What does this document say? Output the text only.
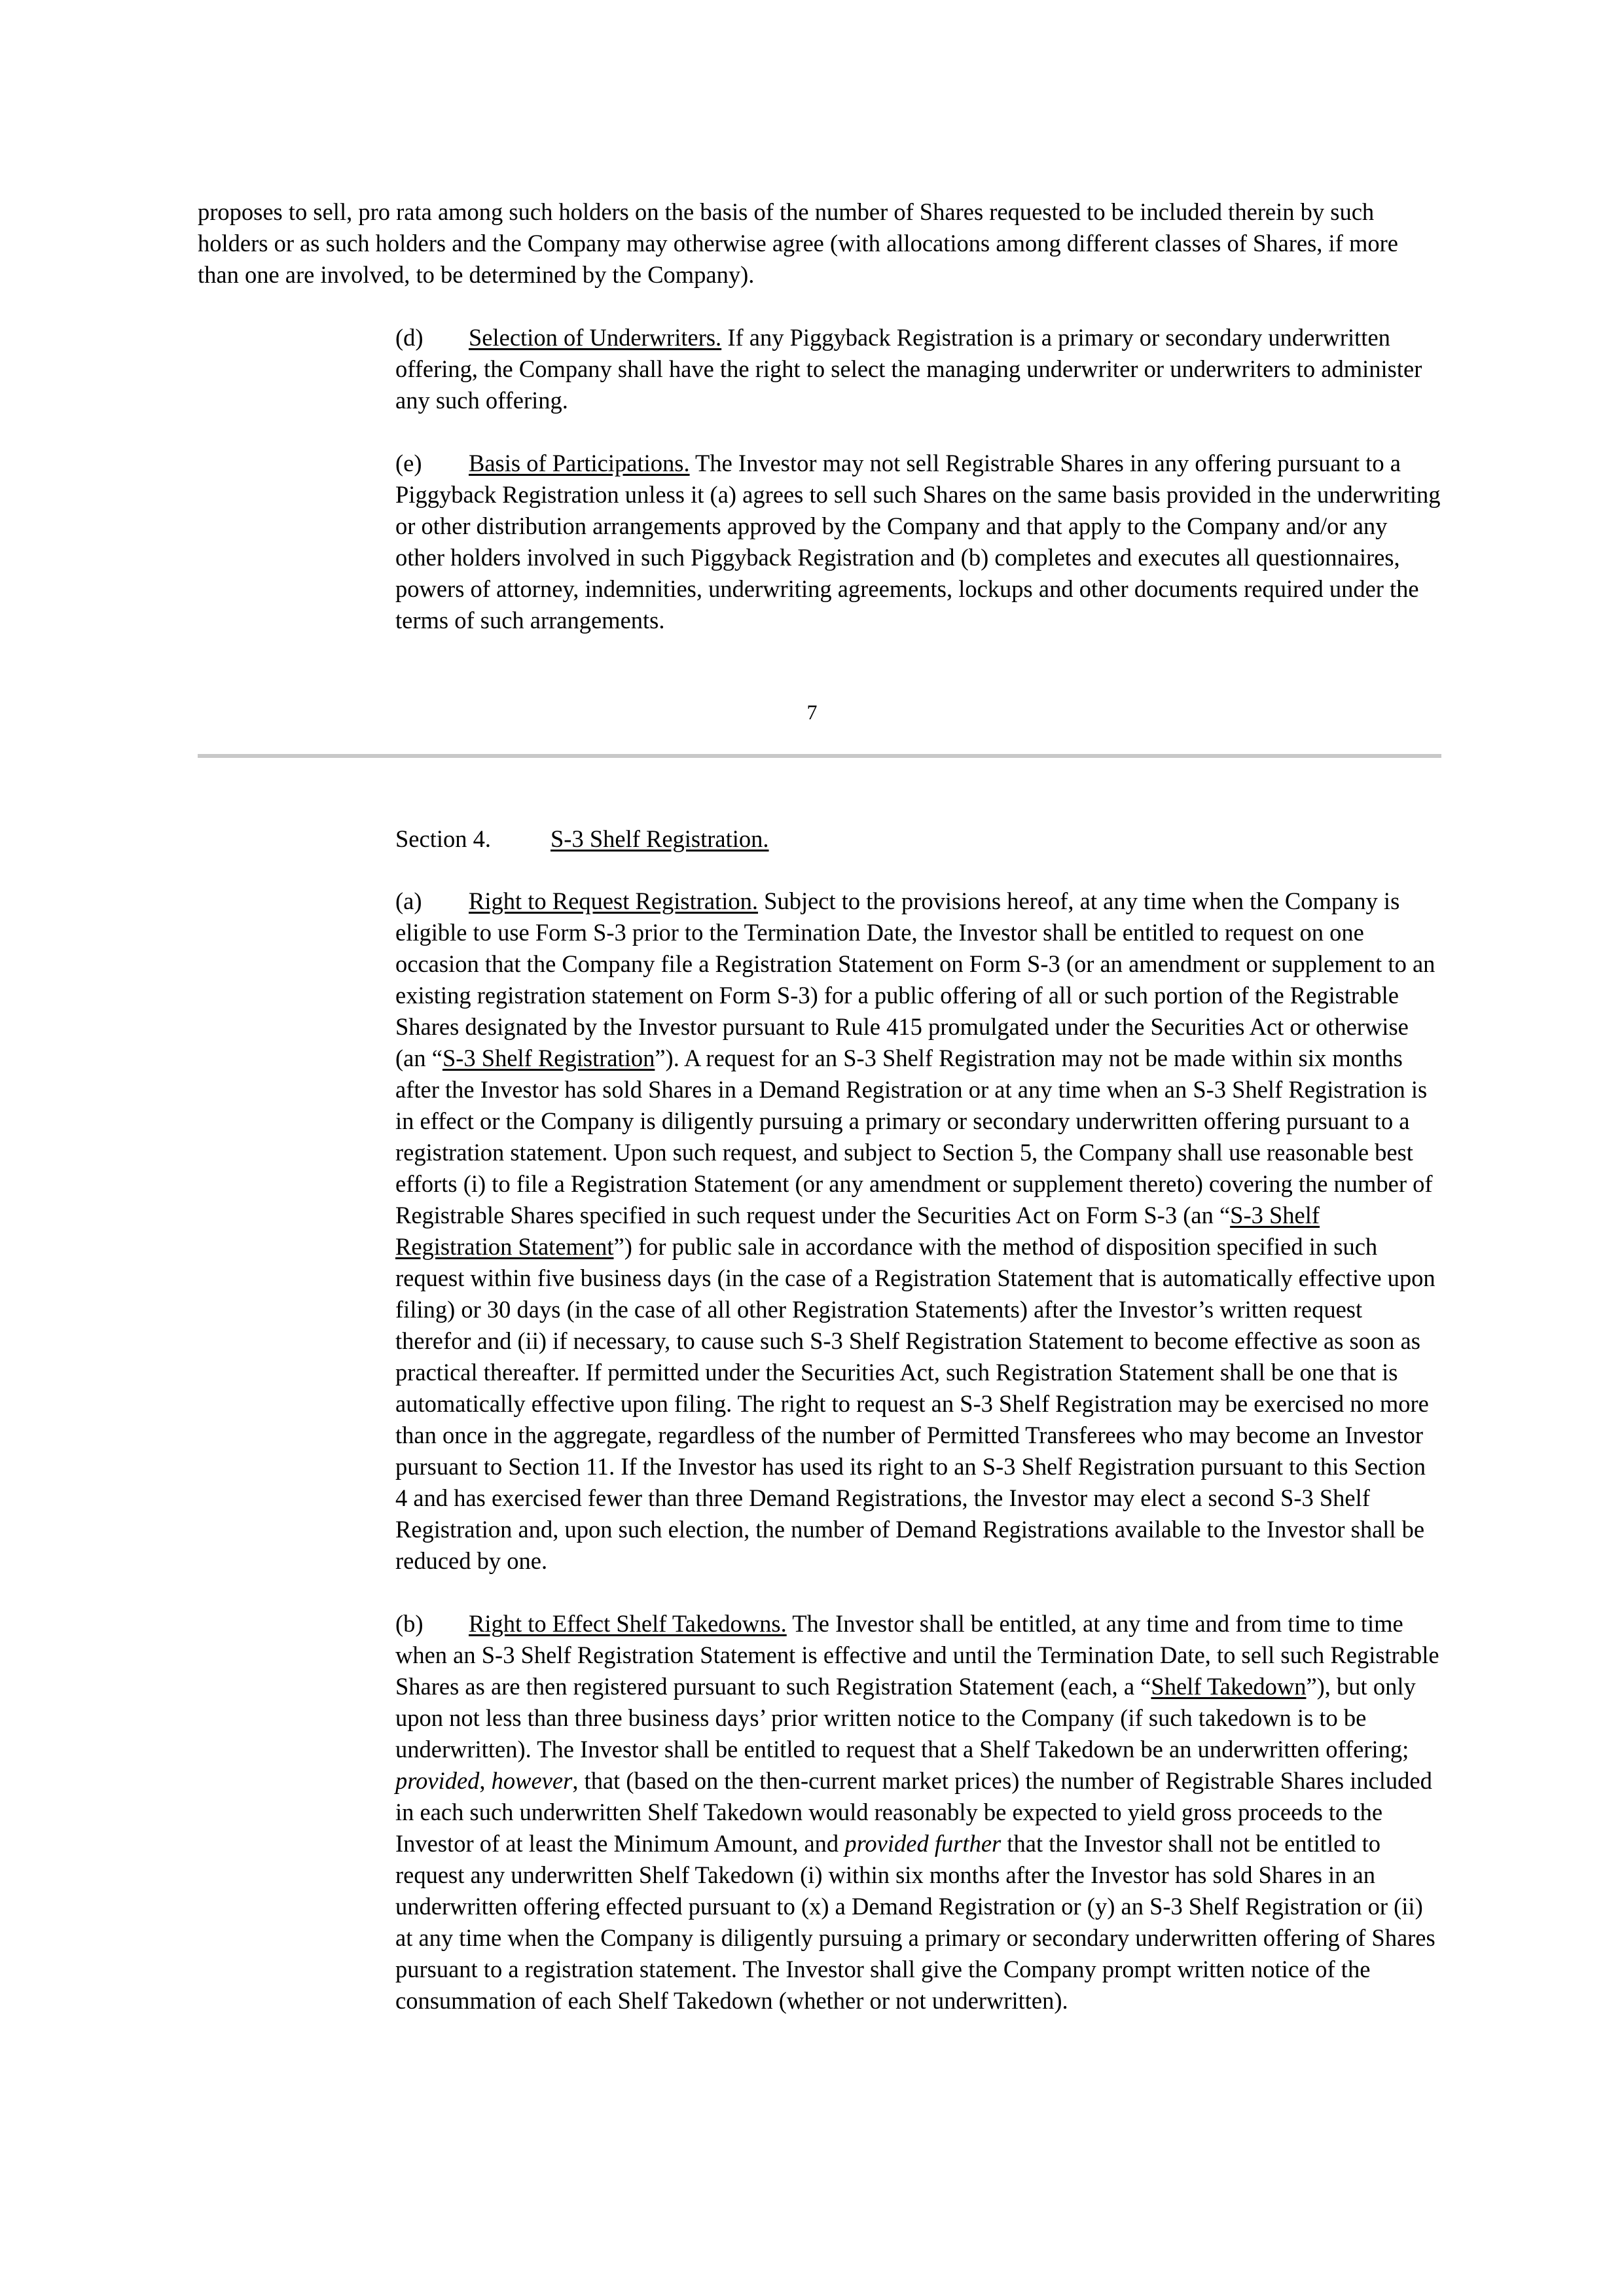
proposes to sell, pro rata among such holders on the basis of the number of Shares requested to be included therein by such holders or as such holders and the Company may otherwise agree (with allocations among different classes of Shares, if more than one are involved, to be determined by the Company).

(d) Selection of Underwriters. If any Piggyback Registration is a primary or secondary underwritten offering, the Company shall have the right to select the managing underwriter or underwriters to administer any such offering.

(e) Basis of Participations. The Investor may not sell Registrable Shares in any offering pursuant to a Piggyback Registration unless it (a) agrees to sell such Shares on the same basis provided in the underwriting or other distribution arrangements approved by the Company and that apply to the Company and/or any other holders involved in such Piggyback Registration and (b) completes and executes all questionnaires, powers of attorney, indemnities, underwriting agreements, lockups and other documents required under the terms of such arrangements.

7
Section 4. S-3 Shelf Registration.

(a) Right to Request Registration. Subject to the provisions hereof, at any time when the Company is eligible to use Form S-3 prior to the Termination Date, the Investor shall be entitled to request on one occasion that the Company file a Registration Statement on Form S-3 (or an amendment or supplement to an existing registration statement on Form S-3) for a public offering of all or such portion of the Registrable Shares designated by the Investor pursuant to Rule 415 promulgated under the Securities Act or otherwise (an “S-3 Shelf Registration”). A request for an S-3 Shelf Registration may not be made within six months after the Investor has sold Shares in a Demand Registration or at any time when an S-3 Shelf Registration is in effect or the Company is diligently pursuing a primary or secondary underwritten offering pursuant to a registration statement. Upon such request, and subject to Section 5, the Company shall use reasonable best efforts (i) to file a Registration Statement (or any amendment or supplement thereto) covering the number of Registrable Shares specified in such request under the Securities Act on Form S-3 (an “S-3 Shelf Registration Statement”) for public sale in accordance with the method of disposition specified in such request within five business days (in the case of a Registration Statement that is automatically effective upon filing) or 30 days (in the case of all other Registration Statements) after the Investor’s written request therefor and (ii) if necessary, to cause such S-3 Shelf Registration Statement to become effective as soon as practical thereafter. If permitted under the Securities Act, such Registration Statement shall be one that is automatically effective upon filing. The right to request an S-3 Shelf Registration may be exercised no more than once in the aggregate, regardless of the number of Permitted Transferees who may become an Investor pursuant to Section 11. If the Investor has used its right to an S-3 Shelf Registration pursuant to this Section 4 and has exercised fewer than three Demand Registrations, the Investor may elect a second S-3 Shelf Registration and, upon such election, the number of Demand Registrations available to the Investor shall be reduced by one.

(b) Right to Effect Shelf Takedowns. The Investor shall be entitled, at any time and from time to time when an S-3 Shelf Registration Statement is effective and until the Termination Date, to sell such Registrable Shares as are then registered pursuant to such Registration Statement (each, a “Shelf Takedown”), but only upon not less than three business days’ prior written notice to the Company (if such takedown is to be underwritten). The Investor shall be entitled to request that a Shelf Takedown be an underwritten offering; provided, however, that (based on the then-current market prices) the number of Registrable Shares included in each such underwritten Shelf Takedown would reasonably be expected to yield gross proceeds to the Investor of at least the Minimum Amount, and provided further that the Investor shall not be entitled to request any underwritten Shelf Takedown (i) within six months after the Investor has sold Shares in an underwritten offering effected pursuant to (x) a Demand Registration or (y) an S-3 Shelf Registration or (ii) at any time when the Company is diligently pursuing a primary or secondary underwritten offering of Shares pursuant to a registration statement. The Investor shall give the Company prompt written notice of the consummation of each Shelf Takedown (whether or not underwritten).
